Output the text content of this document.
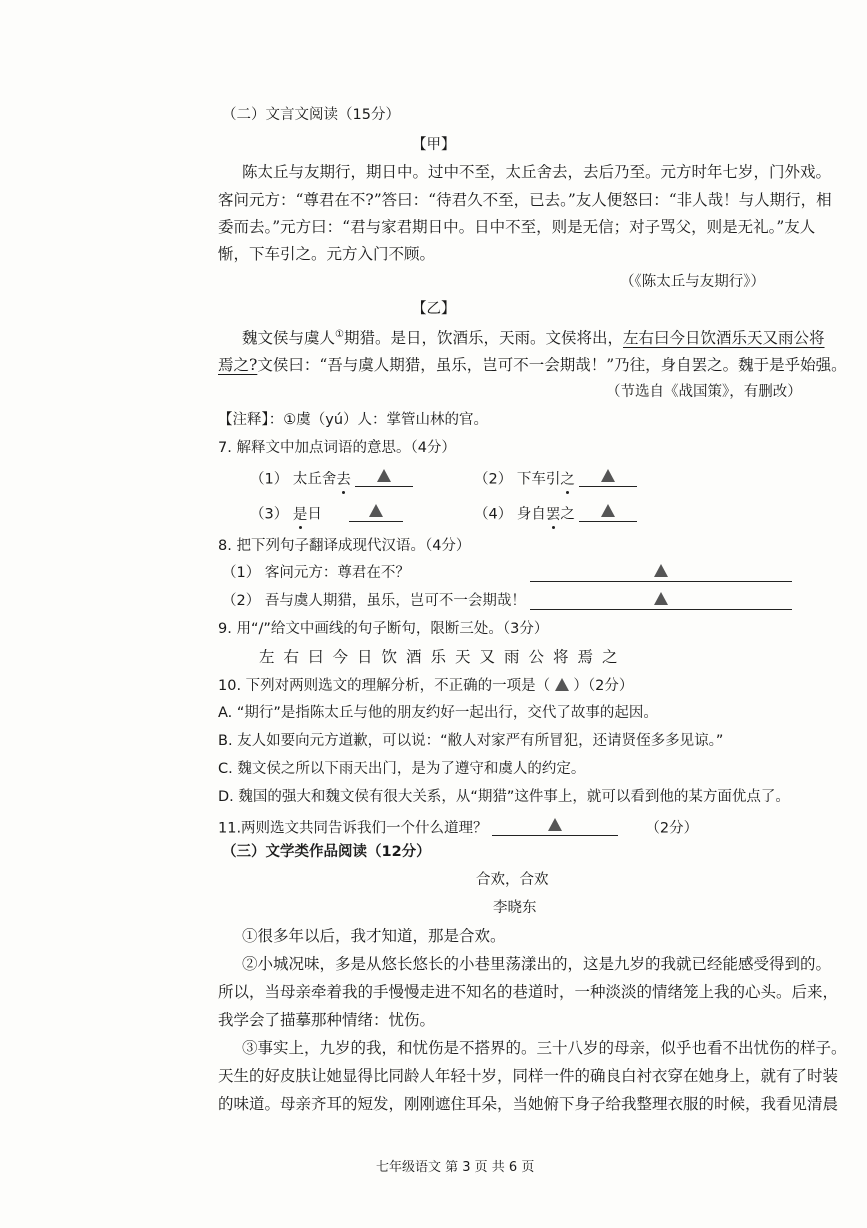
（二）文言文阅读（15分）
【甲】
陈太丘与友期行，期日中。过中不至，太丘舍去，去后乃至。元方时年七岁，门外戏。
客问元方：“尊君在不?”答曰：“待君久不至，已去。”友人便怒曰：“非人哉！与人期行，相
委而去。”元方曰：“君与家君期日中。日中不至，则是无信；对子骂父，则是无礼。”友人
惭，下车引之。元方入门不顾。
（《陈太丘与友期行》）
【乙】
魏文侯与虞人①期猎。是日，饮酒乐，天雨。文侯将出，左右曰今日饮酒乐天又雨公将
焉之?文侯曰：“吾与虞人期猎，虽乐，岂可不一会期哉！”乃往，身自罢之。魏于是乎始强。
（节选自《战国策》，有删改）
【注释】：①虞（yú）人：掌管山林的官。
7. 解释文中加点词语的意思。（4分）
（1） 太丘舍去	（2） 下车引之
（3） 是日	（4） 身自罢之
8. 把下列句子翻译成现代汉语。（4分）
（1） 客问元方：尊君在不？
（2） 吾与虞人期猎，虽乐，岂可不一会期哉！
9. 用“/”给文中画线的句子断句，限断三处。（3分）
左右曰今日饮酒乐天又雨公将焉之
10. 下列对两则选文的理解分析，不正确的一项是（ ）（2分）
A. “期行”是指陈太丘与他的朋友约好一起出行，交代了故事的起因。
B. 友人如要向元方道歉，可以说：“敝人对家严有所冒犯，还请贤侄多多见谅。”
C. 魏文侯之所以下雨天出门，是为了遵守和虞人的约定。
D. 魏国的强大和魏文侯有很大关系，从“期猎”这件事上，就可以看到他的某方面优点了。
11.两则选文共同告诉我们一个什么道理？	（2分）
（三）文学类作品阅读（12分）
合欢，合欢
李晓东
①很多年以后，我才知道，那是合欢。
②小城况味，多是从悠长悠长的小巷里荡漾出的，这是九岁的我就已经能感受得到的。
所以，当母亲牵着我的手慢慢走进不知名的巷道时，一种淡淡的情绪笼上我的心头。后来，
我学会了描摹那种情绪：忧伤。
③事实上，九岁的我，和忧伤是不搭界的。三十八岁的母亲，似乎也看不出忧伤的样子。
天生的好皮肤让她显得比同龄人年轻十岁，同样一件的确良白衬衣穿在她身上，就有了时装
的味道。母亲齐耳的短发，刚刚遮住耳朵，当她俯下身子给我整理衣服的时候，我看见清晨
七年级语文 第 3 页 共 6 页
